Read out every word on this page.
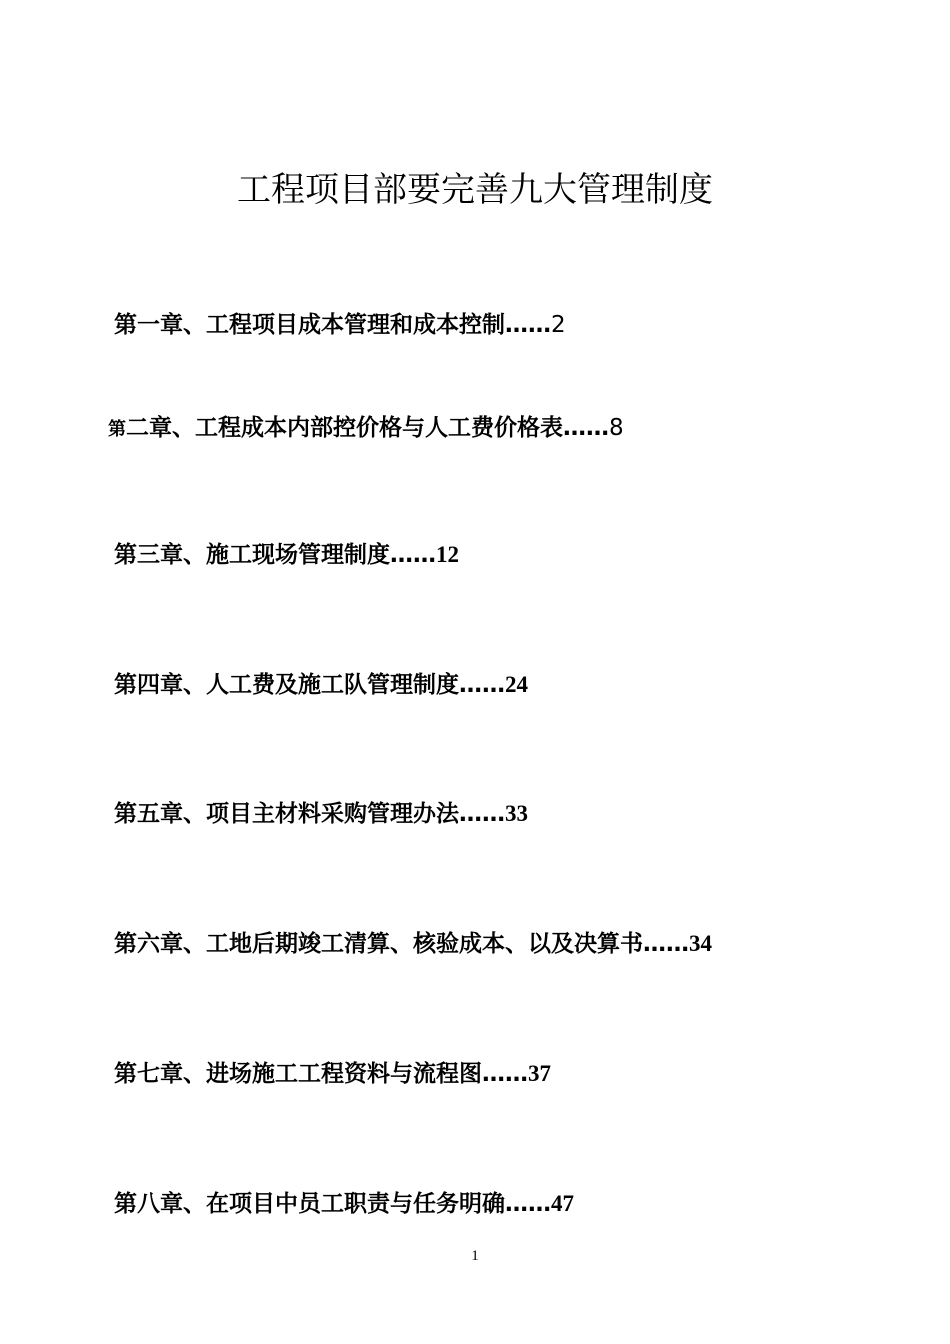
工程项目部要完善九大管理制度

第一章、工程项目成本管理和成本控制……2

第二章、工程成本内部控价格与人工费价格表……8

第三章、施工现场管理制度……12

第四章、人工费及施工队管理制度……24

第五章、项目主材料采购管理办法……33

第六章、工地后期竣工清算、核验成本、以及决算书……34

第七章、进场施工工程资料与流程图……37

第八章、在项目中员工职责与任务明确……47

1
